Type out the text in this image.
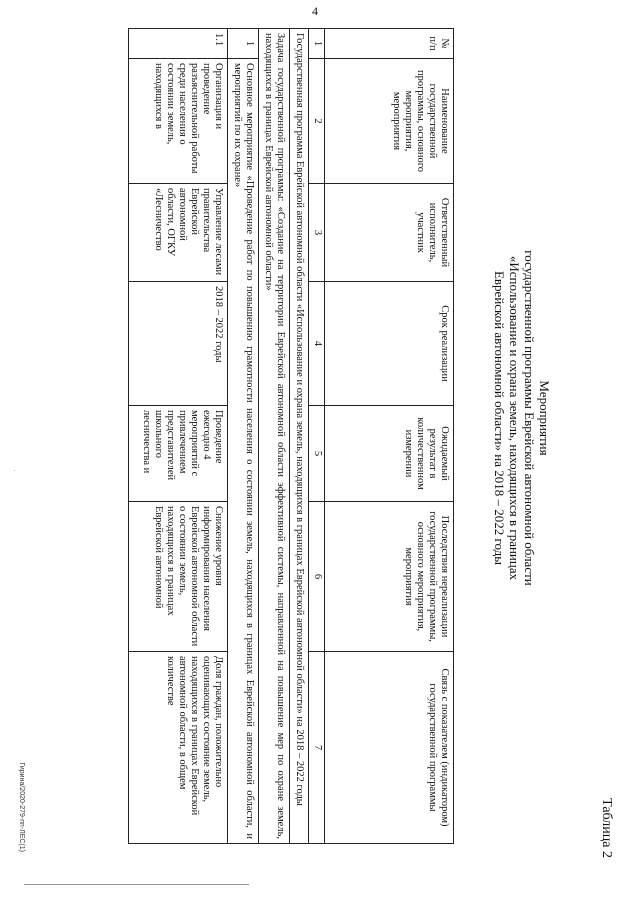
4
Таблица 2
Мероприятия
государственной программы Еврейской автономной области
«Использование и охрана земель, находящихся в границах
Еврейской автономной области» на 2018 – 2022 годы
№ п/п	Наименование государственной программы, основного мероприятия, мероприятия	Ответственный исполнитель, участник	Срок реализации	Ожидаемый результат в количественном измерении	Последствия нереализации государственной программы, основного мероприятия, мероприятия	Связь с показателем (индикатором) государственной программы
1	2	3	4	5	6	7
Государственная программа Еврейской автономной области «Использование и охрана земель, находящихся в границах Еврейской автономной области» на 2018 – 2022 годы						
Задача государственной программы: «Создание на территории Еврейской автономной области эффективной системы, направленной на повышение мер по охране земель, находящихся в границах Еврейской автономной области»						
1	Основное мероприятие «Проведение работ по повышению грамотности населения о состоянии земель, находящихся в границах Еврейской автономной области, и мероприятий по их охране»					
1.1	Организация и проведение разъяснительной работы среди населения о состоянии земель, находящихся в	Управление лесами правительства Еврейской автономной области, ОГКУ «Лесничество	2018 – 2022 годы	Проведение ежегодно 4 мероприятий с привлечением представителей школьного лесничества и	Снижение уровня информирования населения Еврейской автономной области о состоянии земель, находящихся в границах Еврейской автономной	Доля граждан, положительно оценивающих состояние земель, находящихся в границах Еврейской автономной области, в общем количестве
Гирина/2020-279-пп-ЛЕС(1)
